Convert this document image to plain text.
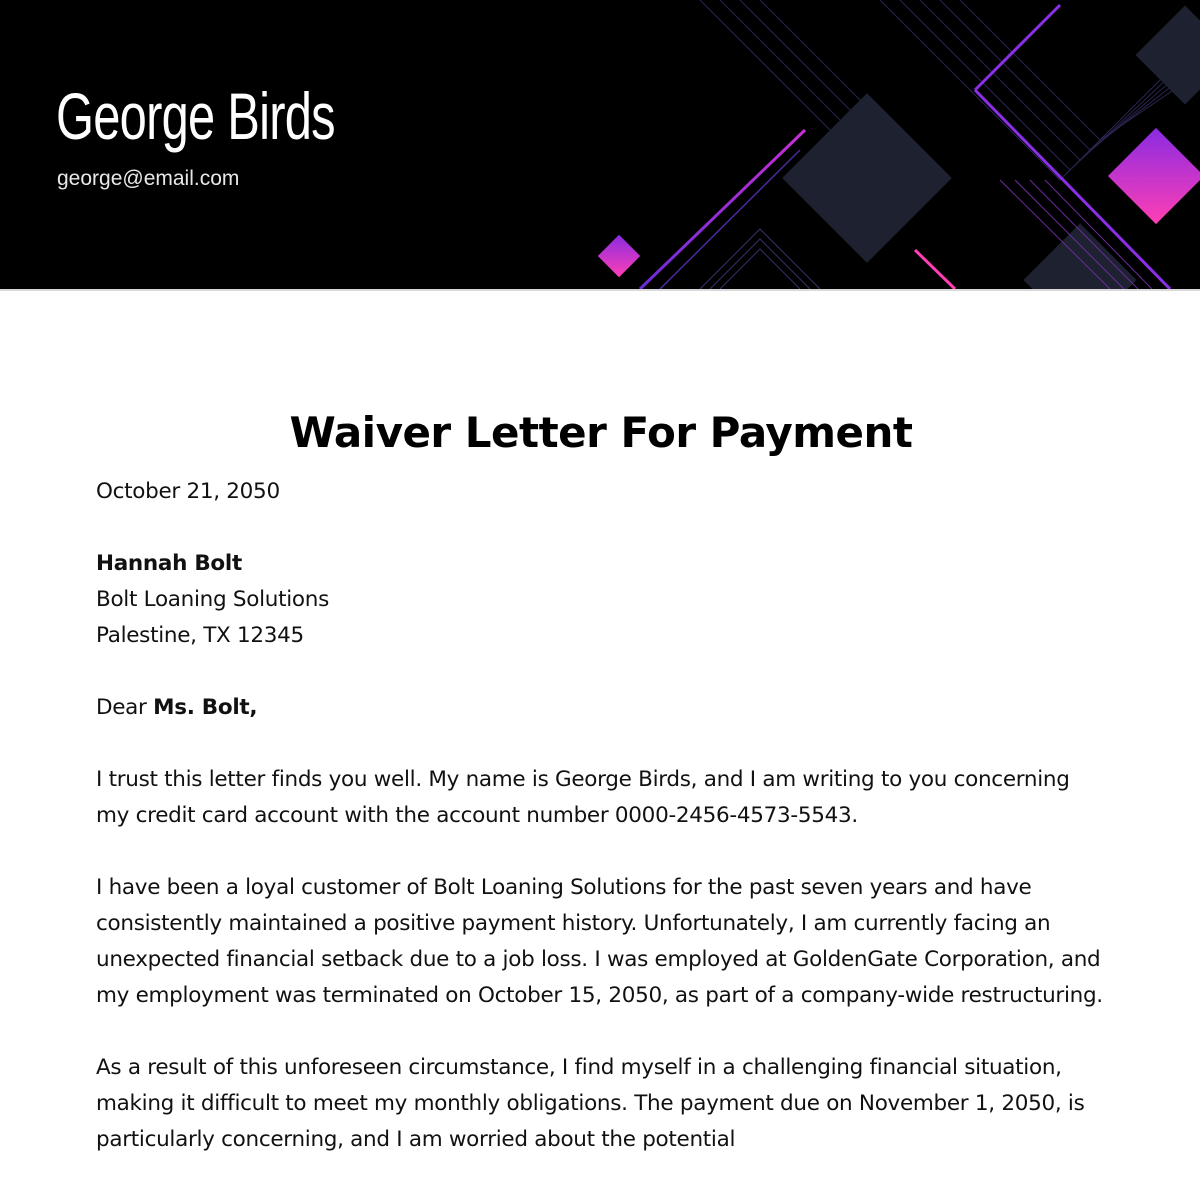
George Birds
george@email.com
Waiver Letter For Payment
October 21, 2050
Hannah Bolt
Bolt Loaning Solutions
Palestine, TX 12345
Dear Ms. Bolt,
I trust this letter finds you well. My name is George Birds, and I am writing to you concerning my credit card account with the account number 0000-2456-4573-5543.
I have been a loyal customer of Bolt Loaning Solutions for the past seven years and have consistently maintained a positive payment history. Unfortunately, I am currently facing an unexpected financial setback due to a job loss. I was employed at GoldenGate Corporation, and my employment was terminated on October 15, 2050, as part of a company-wide restructuring.
As a result of this unforeseen circumstance, I find myself in a challenging financial situation, making it difficult to meet my monthly obligations. The payment due on November 1, 2050, is particularly concerning, and I am worried about the potential
